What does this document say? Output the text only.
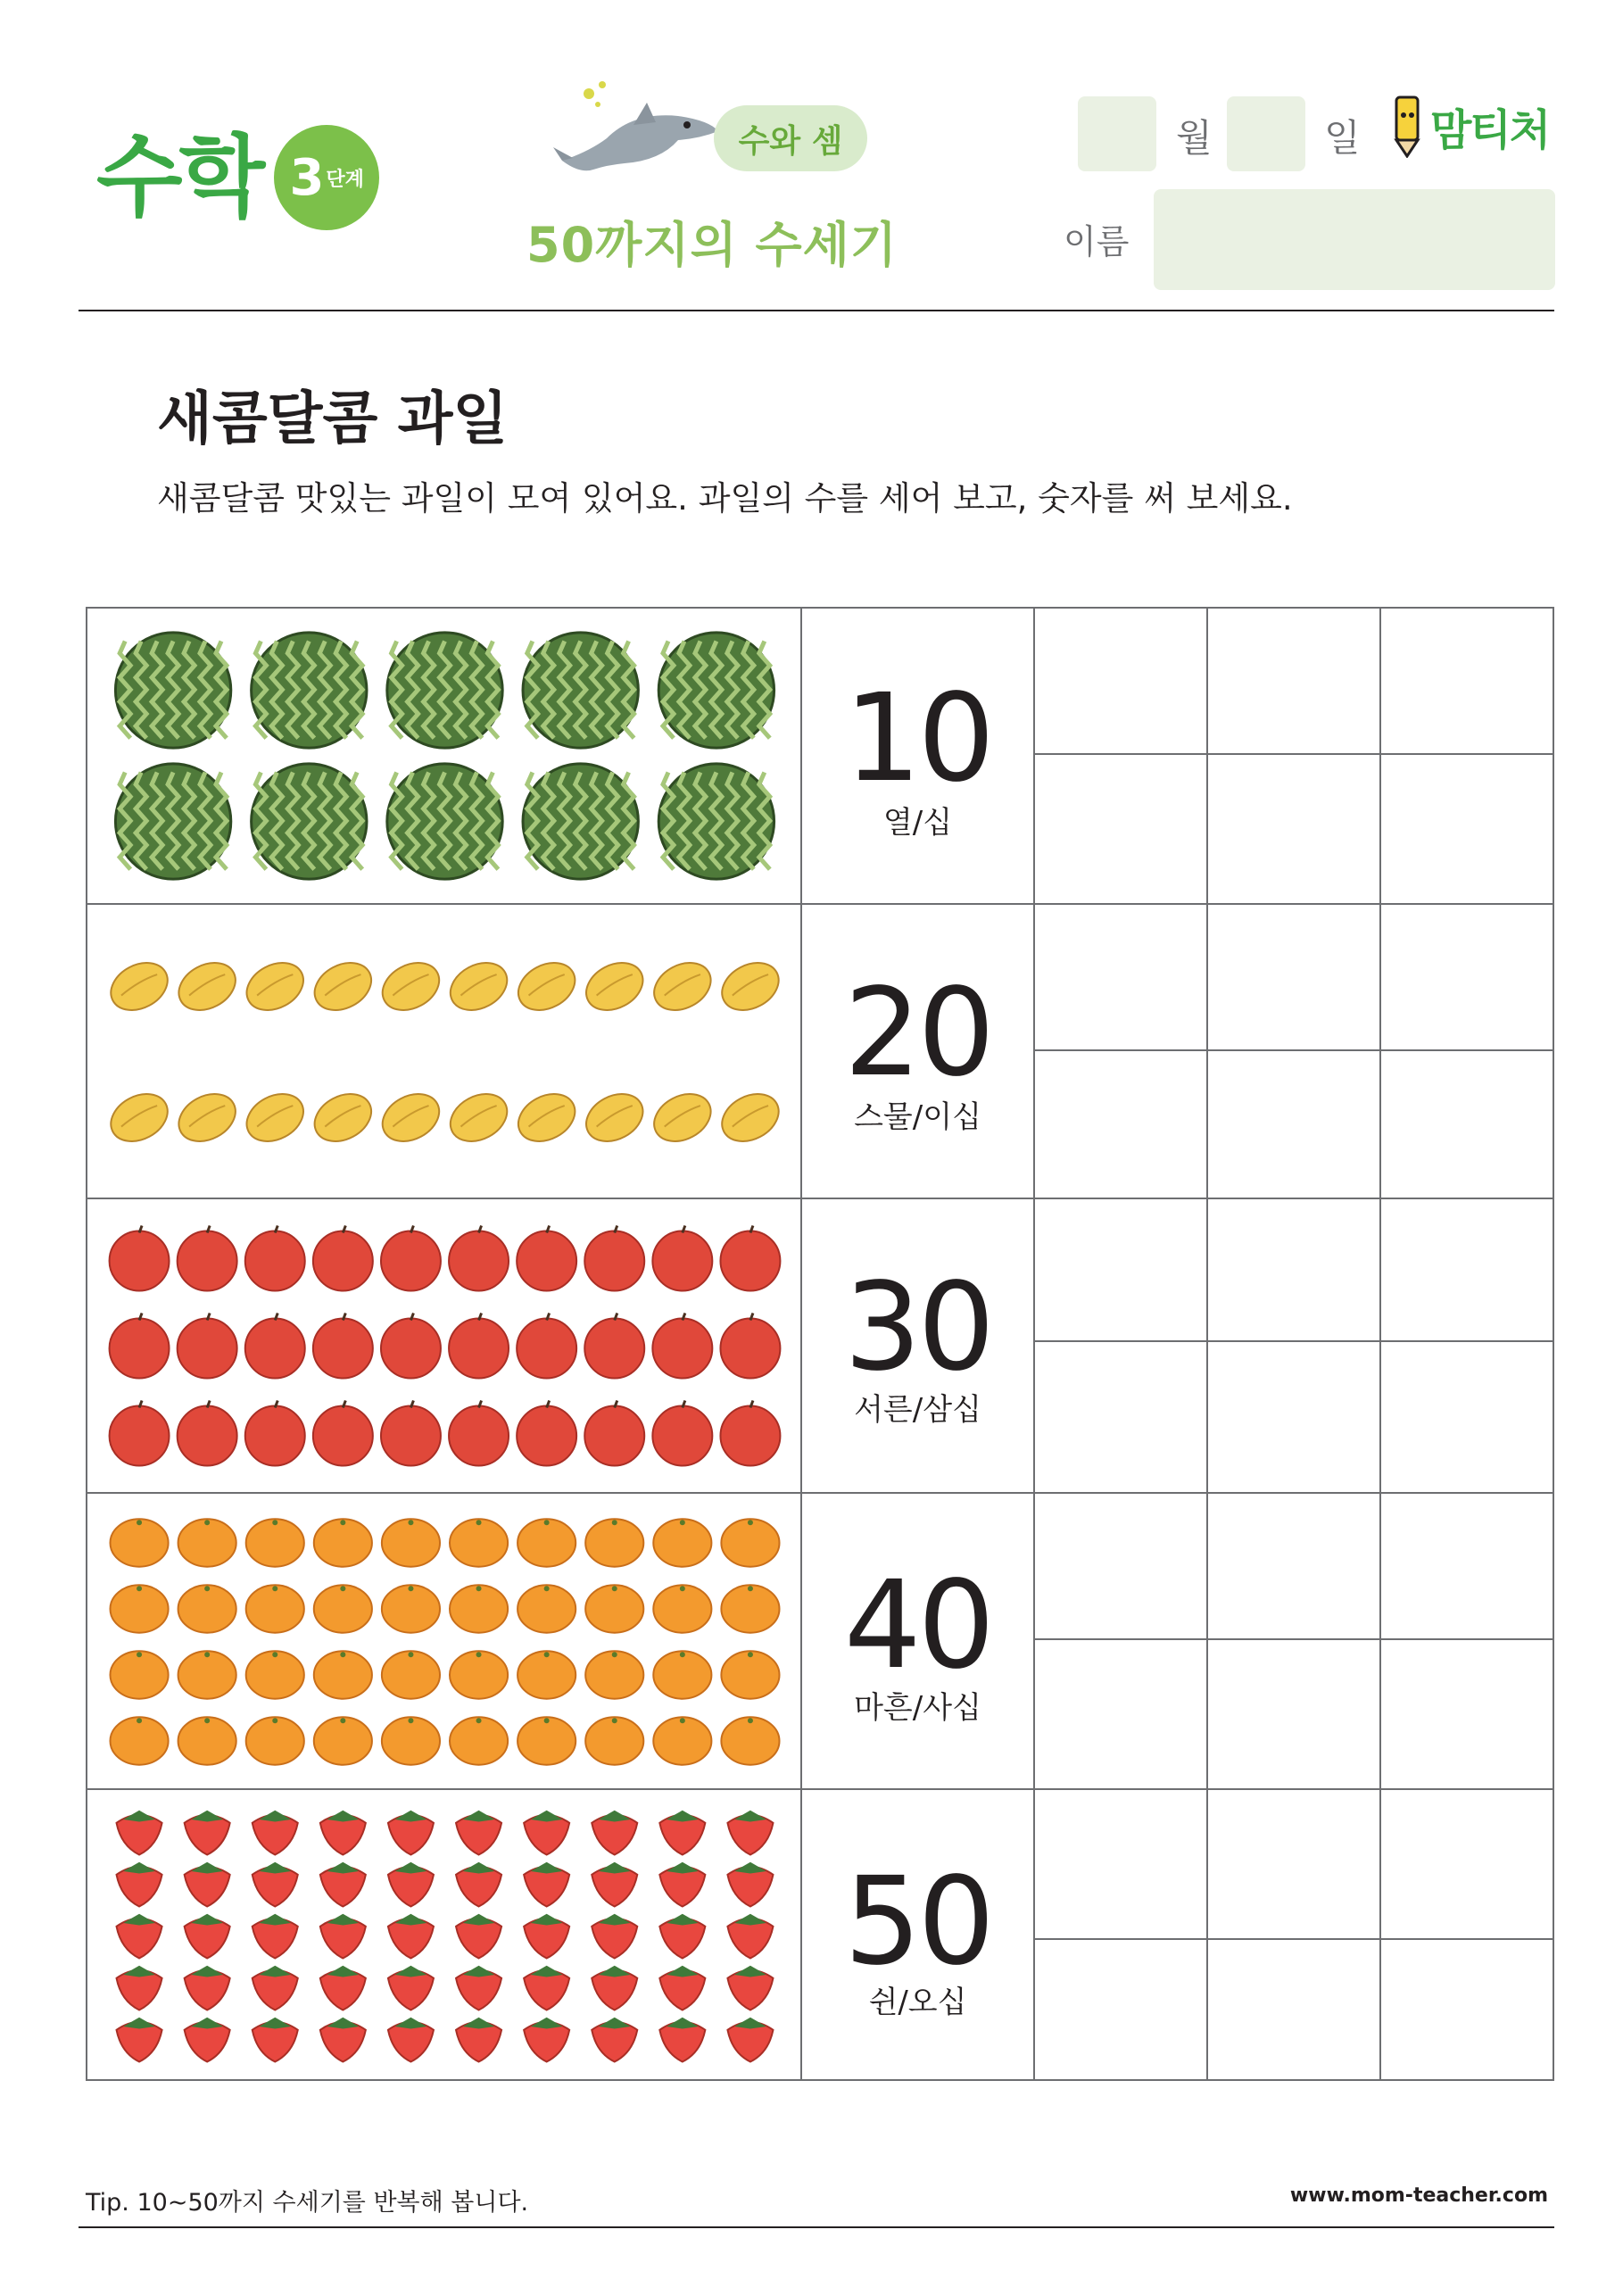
수학 3 단계
수와 셈
50까지의 수세기
월	일 맘티처
이름
새콤달콤 과일
새콤달콤 맛있는 과일이 모여 있어요. 과일의 수를 세어 보고, 숫자를 써 보세요.
10
열/십
20
스물/이십
30
서른/삼십
40
마흔/사십
50
쉰/오십
Tip. 10~50까지 수세기를 반복해 봅니다.	www.mom-teacher.com
